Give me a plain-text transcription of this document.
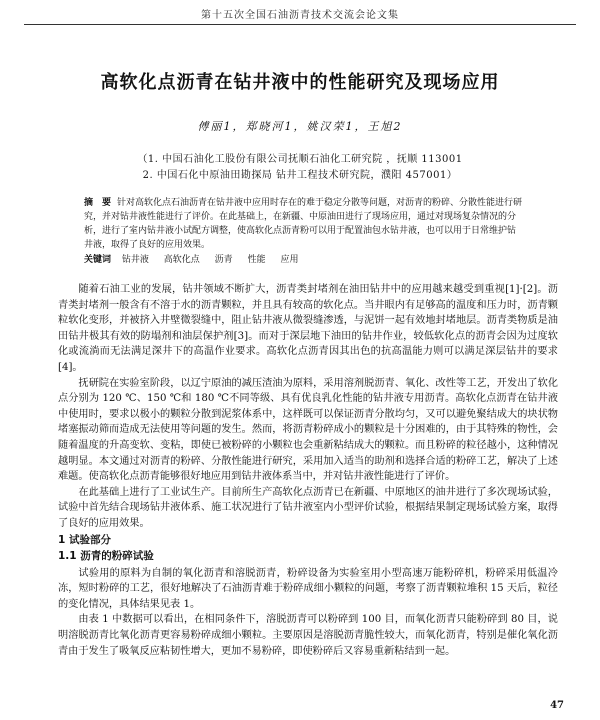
第十五次全国石油沥青技术交流会论文集
高软化点沥青在钻井液中的性能研究及现场应用
傅丽1，郑晓河1，姚汉荣1，王旭2
（1. 中国石油化工股份有限公司抚顺石油化工研究院 ，抚顺 113001
2. 中国石化中原油田勘探局 钻井工程技术研究院，濮阳 457001）
摘　要 针对高软化点石油沥青在钻井液中应用时存在的难于稳定分散等问题，对沥青的粉碎、分散性能进行研究，并对钻井液性能进行了评价。在此基础上，在新疆、中原油田进行了现场应用，通过对现场复杂情况的分析，进行了室内钻井液小试配方调整，使高软化点沥青粉可以用于配置油包水钻井液，也可以用于日常维护钻井液，取得了良好的应用效果。
关键词 钻井液 高软化点 沥青 性能 应用

随着石油工业的发展，钻井领域不断扩大，沥青类封堵剂在油田钻井中的应用越来越受到重视[1]·[2]。沥青类封堵剂一般含有不溶于水的沥青颗粒，并且具有较高的软化点。当井眼内有足够高的温度和压力时，沥青颗粒软化变形，并被挤入井壁微裂缝中，阻止钻井液从微裂缝渗透，与泥饼一起有效地封堵地层。沥青类物质是油田钻井极其有效的防塌剂和油层保护剂[3]。而对于深层地下油田的钻井作业，较低软化点的沥青会因为过度软化或流淌而无法满足深井下的高温作业要求。高软化点沥青因其出色的抗高温能力则可以满足深层钻井的要求[4]。

抚研院在实验室阶段，以辽宁原油的减压渣油为原料，采用溶剂脱沥青、氧化、改性等工艺，开发出了软化点分别为 120 ℃、150 ℃和 180 ℃不同等级、具有优良乳化性能的钻井液专用沥青。高软化点沥青在钻井液中使用时，要求以极小的颗粒分散到泥浆体系中，这样既可以保证沥青分散均匀，又可以避免聚结成大的块状物堵塞振动筛而造成无法使用等问题的发生。然而，将沥青粉碎成小的颗粒是十分困难的，由于其特殊的物性，会随着温度的升高变软、变粘，即使已被粉碎的小颗粒也会重新粘结成大的颗粒。而且粉碎的粒径越小，这种情况越明显。本文通过对沥青的粉碎、分散性能进行研究，采用加入适当的助剂和选择合适的粉碎工艺，解决了上述难题。使高软化点沥青能够很好地应用到钻井液体系当中，并对钻井液性能进行了评价。

在此基础上进行了工业试生产。目前所生产高软化点沥青已在新疆、中原地区的油井进行了多次现场试验，试验中首先结合现场钻井液体系、施工状况进行了钻井液室内小型评价试验，根据结果制定现场试验方案，取得了良好的应用效果。

1 试验部分
1.1 沥青的粉碎试验

试验用的原料为自制的氧化沥青和溶脱沥青，粉碎设备为实验室用小型高速万能粉碎机，粉碎采用低温冷冻，短时粉碎的工艺，很好地解决了石油沥青难于粉碎成细小颗粒的问题，考察了沥青颗粒堆积 15 天后，粒径的变化情况，具体结果见表 1。

由表 1 中数据可以看出，在相同条件下，溶脱沥青可以粉碎到 100 目，而氧化沥青只能粉碎到 80 目，说明溶脱沥青比氧化沥青更容易粉碎成细小颗粒。主要原因是溶脱沥青脆性较大，而氧化沥青，特别是催化氧化沥青由于发生了吸氧反应粘韧性增大，更加不易粉碎，即使粉碎后又容易重新粘结到一起。

47
